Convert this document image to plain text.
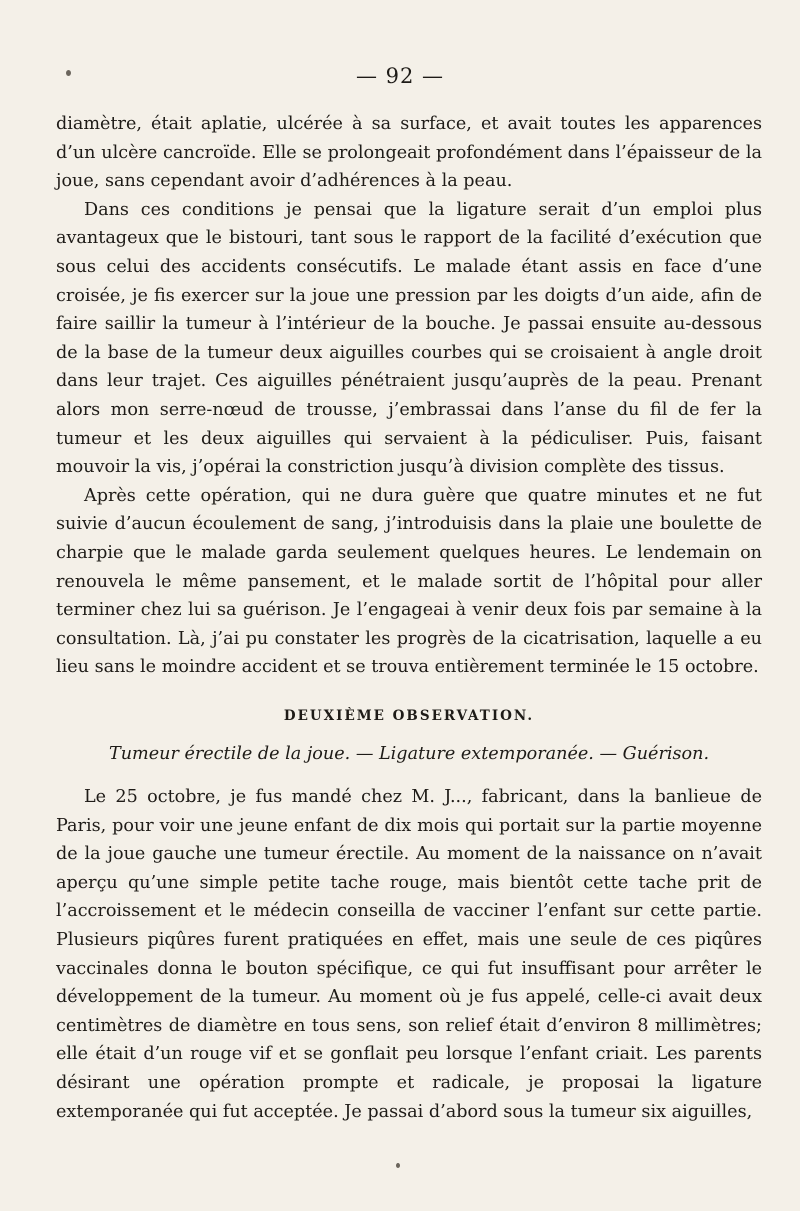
— 92 —

diamètre, était aplatie, ulcérée à sa surface, et avait toutes les apparences d’un ulcère cancroïde. Elle se prolongeait profondément dans l’épaisseur de la joue, sans cependant avoir d’adhérences à la peau.

Dans ces conditions je pensai que la ligature serait d’un emploi plus avantageux que le bistouri, tant sous le rapport de la facilité d’exécution que sous celui des accidents consécutifs. Le malade étant assis en face d’une croisée, je fis exercer sur la joue une pression par les doigts d’un aide, afin de faire saillir la tumeur à l’intérieur de la bouche. Je passai ensuite au-dessous de la base de la tumeur deux aiguilles courbes qui se croisaient à angle droit dans leur trajet. Ces aiguilles pénétraient jusqu’auprès de la peau. Prenant alors mon serre-nœud de trousse, j’embrassai dans l’anse du fil de fer la tumeur et les deux aiguilles qui servaient à la pédiculiser. Puis, faisant mouvoir la vis, j’opérai la constriction jusqu’à division complète des tissus.

Après cette opération, qui ne dura guère que quatre minutes et ne fut suivie d’aucun écoulement de sang, j’introduisis dans la plaie une boulette de charpie que le malade garda seulement quelques heures. Le lendemain on renouvela le même pansement, et le malade sortit de l’hôpital pour aller terminer chez lui sa guérison. Je l’engageai à venir deux fois par semaine à la consultation. Là, j’ai pu constater les progrès de la cicatrisation, laquelle a eu lieu sans le moindre accident et se trouva entièrement terminée le 15 octobre.

DEUXIÈME OBSERVATION.
Tumeur érectile de la joue. — Ligature extemporanée. — Guérison.

Le 25 octobre, je fus mandé chez M. J..., fabricant, dans la banlieue de Paris, pour voir une jeune enfant de dix mois qui portait sur la partie moyenne de la joue gauche une tumeur érectile. Au moment de la naissance on n’avait aperçu qu’une simple petite tache rouge, mais bientôt cette tache prit de l’accroissement et le médecin conseilla de vacciner l’enfant sur cette partie. Plusieurs piqûres furent pratiquées en effet, mais une seule de ces piqûres vaccinales donna le bouton spécifique, ce qui fut insuffisant pour arrêter le développement de la tumeur. Au moment où je fus appelé, celle-ci avait deux centimètres de diamètre en tous sens, son relief était d’environ 8 millimètres; elle était d’un rouge vif et se gonflait peu lorsque l’enfant criait. Les parents désirant une opération prompte et radicale, je proposai la ligature extemporanée qui fut acceptée. Je passai d’abord sous la tumeur six aiguilles,
